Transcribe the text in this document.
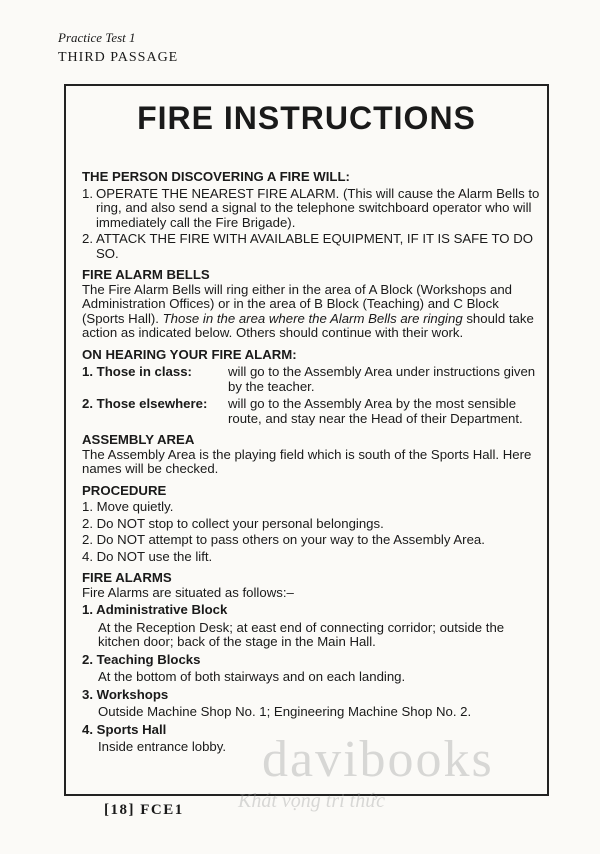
Practice Test 1
THIRD PASSAGE
FIRE INSTRUCTIONS
THE PERSON DISCOVERING A FIRE WILL:
1. OPERATE THE NEAREST FIRE ALARM. (This will cause the Alarm Bells to ring, and also send a signal to the telephone switchboard operator who will immediately call the Fire Brigade).
2. ATTACK THE FIRE WITH AVAILABLE EQUIPMENT, IF IT IS SAFE TO DO SO.
FIRE ALARM BELLS

The Fire Alarm Bells will ring either in the area of A Block (Workshops and Administration Offices) or in the area of B Block (Teaching) and C Block (Sports Hall). Those in the area where the Alarm Bells are ringing should take action as indicated below. Others should continue with their work.

ON HEARING YOUR FIRE ALARM:
1. Those in class:	will go to the Assembly Area under instructions given by the teacher.
2. Those elsewhere:	will go to the Assembly Area by the most sensible route, and stay near the Head of their Department.
ASSEMBLY AREA

The Assembly Area is the playing field which is south of the Sports Hall. Here names will be checked.

PROCEDURE
1. Move quietly.
2. Do NOT stop to collect your personal belongings.
2. Do NOT attempt to pass others on your way to the Assembly Area.
4. Do NOT use the lift.
FIRE ALARMS
Fire Alarms are situated as follows:–
1. Administrative Block
At the Reception Desk; at east end of connecting corridor; outside the kitchen door; back of the stage in the Main Hall.
2. Teaching Blocks
At the bottom of both stairways and on each landing.
3. Workshops
Outside Machine Shop No. 1; Engineering Machine Shop No. 2.
4. Sports Hall
Inside entrance lobby.
[18] FCE1
davibooks
Khát vọng tri thức
